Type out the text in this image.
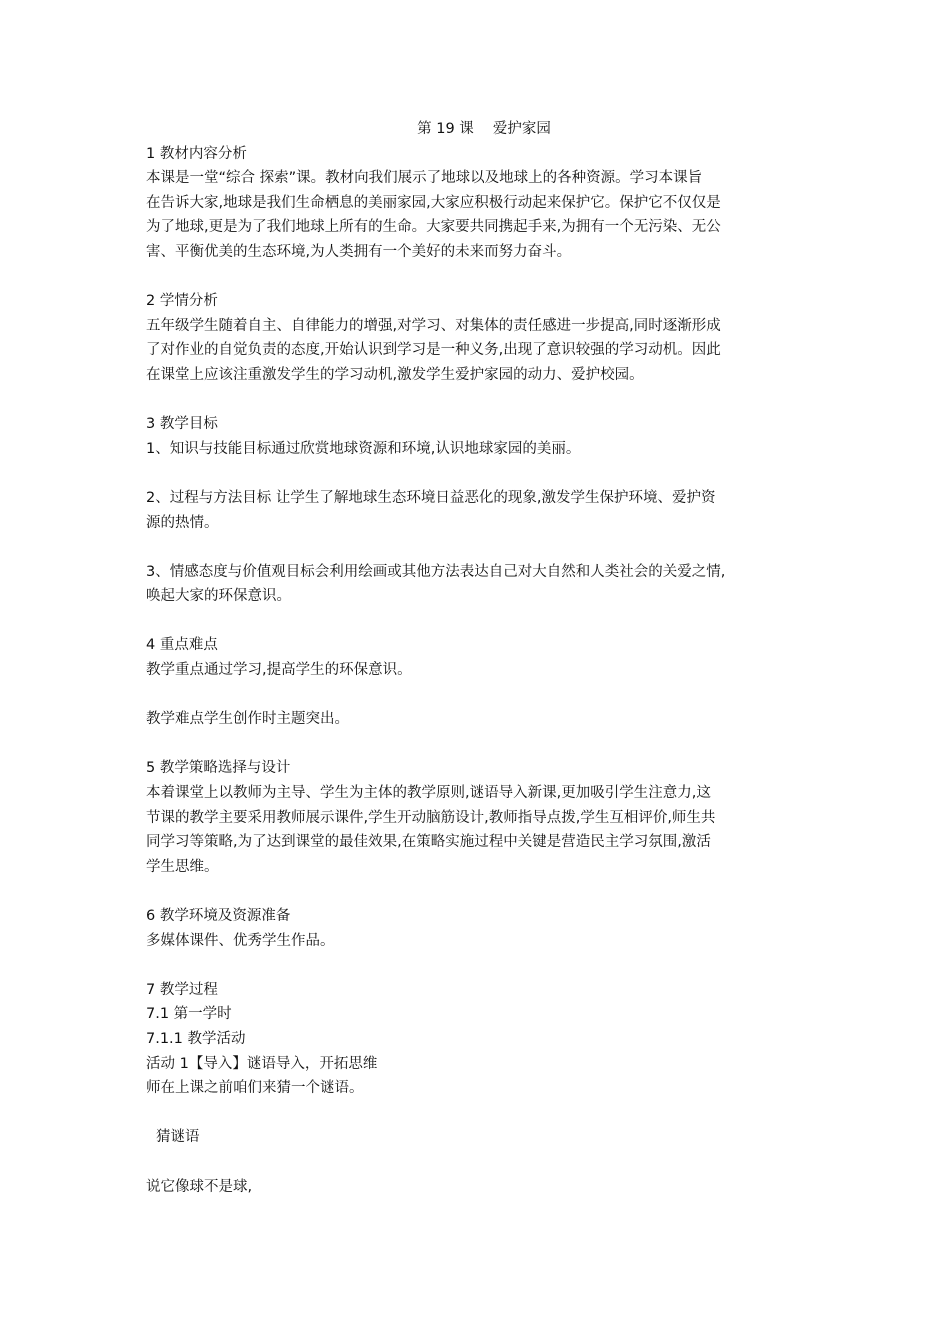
第 19 课　 爱护家园

1 教材内容分析

本课是一堂“综合 探索”课。教材向我们展示了地球以及地球上的各种资源。学习本课旨

在告诉大家,地球是我们生命栖息的美丽家园,大家应积极行动起来保护它。保护它不仅仅是

为了地球,更是为了我们地球上所有的生命。大家要共同携起手来,为拥有一个无污染、无公

害、平衡优美的生态环境,为人类拥有一个美好的未来而努力奋斗。

2 学情分析

五年级学生随着自主、自律能力的增强,对学习、对集体的责任感进一步提高,同时逐渐形成

了对作业的自觉负责的态度,开始认识到学习是一种义务,出现了意识较强的学习动机。因此

在课堂上应该注重激发学生的学习动机,激发学生爱护家园的动力、爱护校园。

3 教学目标

1、知识与技能目标通过欣赏地球资源和环境,认识地球家园的美丽。

2、过程与方法目标 让学生了解地球生态环境日益恶化的现象,激发学生保护环境、爱护资

源的热情。

3、情感态度与价值观目标会利用绘画或其他方法表达自己对大自然和人类社会的关爱之情,

唤起大家的环保意识。

4 重点难点

教学重点通过学习,提高学生的环保意识。

教学难点学生创作时主题突出。

5 教学策略选择与设计

本着课堂上以教师为主导、学生为主体的教学原则,谜语导入新课,更加吸引学生注意力,这

节课的教学主要采用教师展示课件,学生开动脑筋设计,教师指导点拨,学生互相评价,师生共

同学习等策略,为了达到课堂的最佳效果,在策略实施过程中关键是营造民主学习氛围,激活

学生思维。

6 教学环境及资源准备

多媒体课件、优秀学生作品。

7 教学过程

7.1 第一学时

7.1.1 教学活动

活动 1【导入】谜语导入，开拓思维

师在上课之前咱们来猜一个谜语。

猜谜语

说它像球不是球,
